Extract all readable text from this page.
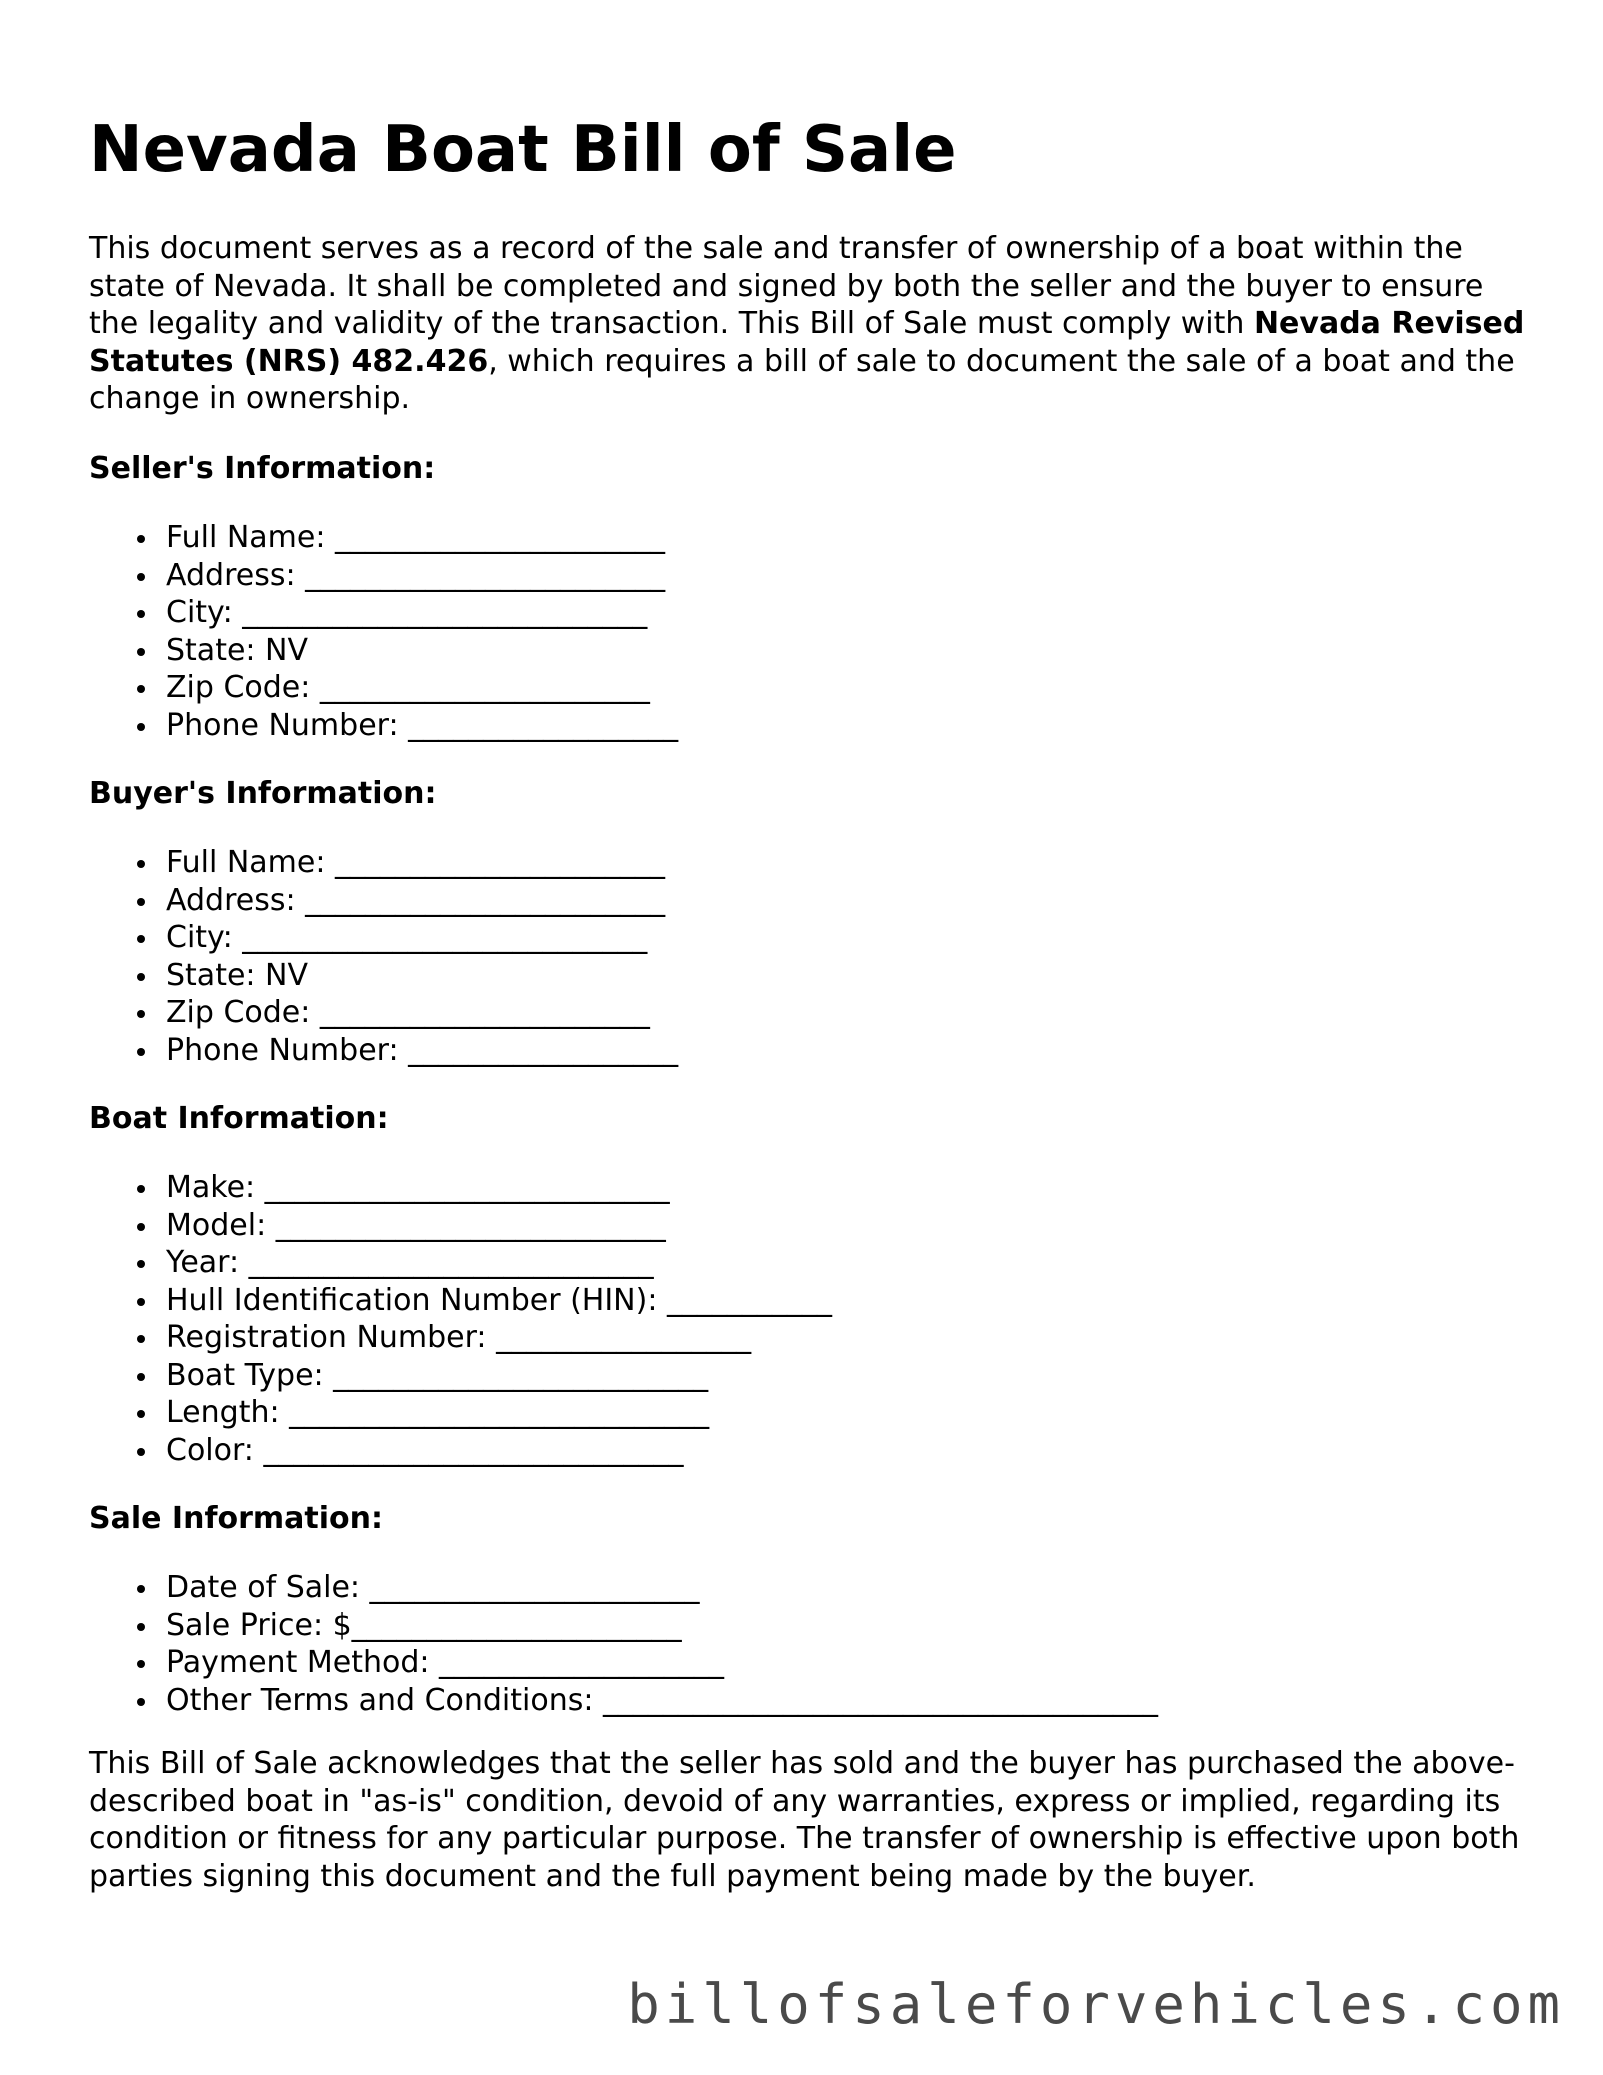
Nevada Boat Bill of Sale

This document serves as a record of the sale and transfer of ownership of a boat within the state of Nevada. It shall be completed and signed by both the seller and the buyer to ensure the legality and validity of the transaction. This Bill of Sale must comply with Nevada Revised Statutes (NRS) 482.426, which requires a bill of sale to document the sale of a boat and the change in ownership.

Seller's Information:
Full Name: ______________________
Address: ________________________
City: ___________________________
State: NV
Zip Code: ______________________
Phone Number: __________________
Buyer's Information:
Full Name: ______________________
Address: ________________________
City: ___________________________
State: NV
Zip Code: ______________________
Phone Number: __________________
Boat Information:
Make: ___________________________
Model: __________________________
Year: ___________________________
Hull Identification Number (HIN): ___________
Registration Number: _________________
Boat Type: _________________________
Length: ____________________________
Color: ____________________________
Sale Information:
Date of Sale: ______________________
Sale Price: $______________________
Payment Method: ___________________
Other Terms and Conditions: _____________________________________

This Bill of Sale acknowledges that the seller has sold and the buyer has purchased the above-described boat in "as-is" condition, devoid of any warranties, express or implied, regarding its condition or fitness for any particular purpose. The transfer of ownership is effective upon both parties signing this document and the full payment being made by the buyer.

billofsaleforvehicles.com
